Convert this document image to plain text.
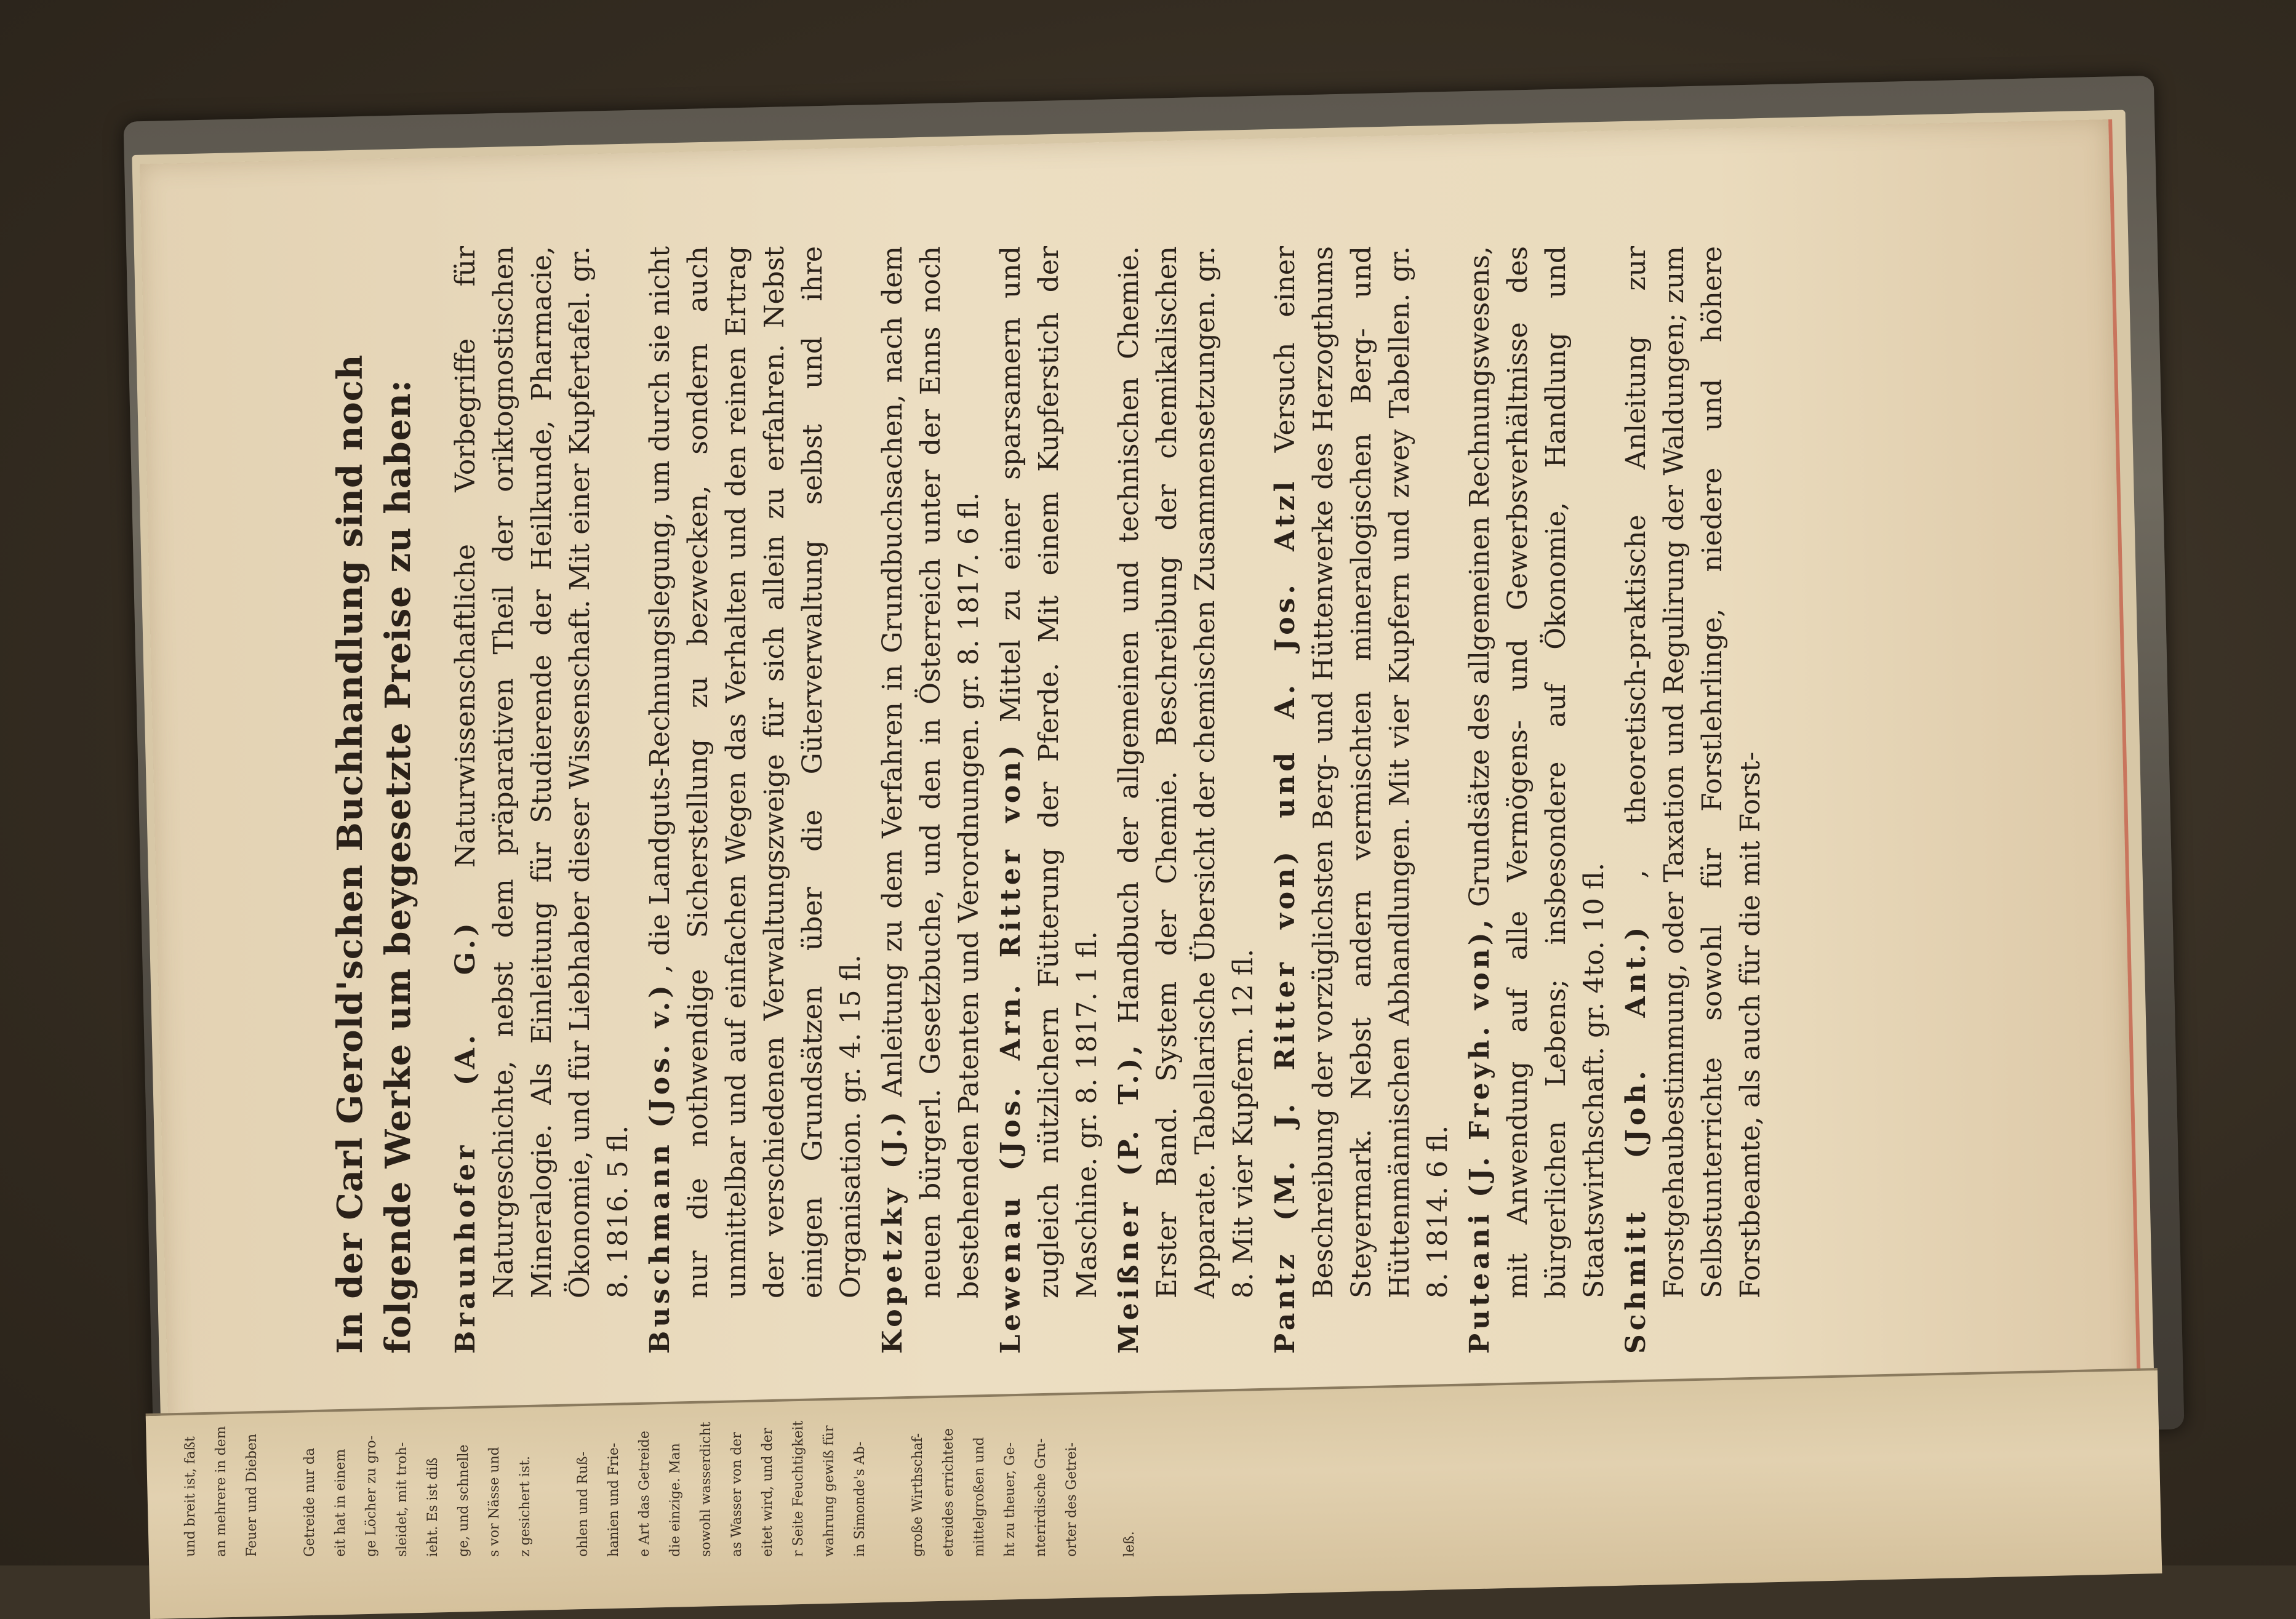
In der Carl Gerold'schen Buchhandlung sind noch folgende Werke um beygesetzte Preise zu haben: Braunhofer (A. G.) Naturwissenschaftliche Vorbegriffe für Naturgeschichte, nebst dem präparativen Theil der oriktognostischen Mineralogie. Als Einleitung für Studierende der Heilkunde, Pharmacie, Ökonomie, und für Liebhaber dieser Wissenschaft. Mit einer Kupfertafel. gr. 8. 1816. 5 fl. Buschmann (Jos. v.) , die Landguts-Rechnungslegung, um durch sie nicht nur die nothwendige Sicherstellung zu bezwecken, sondern auch unmittelbar und auf einfachen Wegen das Verhalten und den reinen Ertrag der verschiedenen Verwaltungszweige für sich allein zu erfahren. Nebst einigen Grundsätzen über die Güterverwaltung selbst und ihre Organisation. gr. 4. 15 fl. Kopetzky (J.) Anleitung zu dem Verfahren in Grundbuchsachen, nach dem neuen bürgerl. Gesetzbuche, und den in Österreich unter der Enns noch bestehenden Patenten und Verordnungen. gr. 8. 1817. 6 fl. Lewenau (Jos. Arn. Ritter von) Mittel zu einer sparsamern und zugleich nützlichern Fütterung der Pferde. Mit einem Kupferstich der Maschine. gr. 8. 1817. 1 fl. Meißner (P. T.), Handbuch der allgemeinen und technischen Chemie. Erster Band. System der Chemie. Beschreibung der chemikalischen Apparate. Tabellarische Übersicht der chemischen Zusammensetzungen. gr. 8. Mit vier Kupfern. 12 fl. Pantz (M. J. Ritter von) und A. Jos. Atzl Versuch einer Beschreibung der vorzüglichsten Berg- und Hüttenwerke des Herzogthums Steyermark. Nebst andern vermischten mineralogischen Berg- und Hüttenmännischen Abhandlungen. Mit vier Kupfern und zwey Tabellen. gr. 8. 1814. 6 fl. Puteani (J. Freyh. von), Grundsätze des allgemeinen Rechnungswesens, mit Anwendung auf alle Vermögens- und Gewerbsverhältnisse des bürgerlichen Lebens; insbesondere auf Ökonomie, Handlung und Staatswirthschaft. gr. 4to. 10 fl. Schmitt (Joh. Ant.) , theoretisch-praktische Anleitung zur Forstgehaubestimmung, oder Taxation und Regulirung der Waldungen; zum Selbstunterrichte sowohl für Forstlehrlinge, niedere und höhere Forstbeamte, als auch für die mit Forst-

und breit ist, faßt	an mehrere in dem	Feuer und Dieben	Getreide nur da	eit hat in einem	ge Löcher zu gro-	sleidet, mit troh-	ieht. Es ist diß	ge, und schnelle	s vor Nässe und	z gesichert ist.	ohlen und Ruß-	hanien und Frie-	e Art das Getreide	die einzige. Man	sowohl wasserdicht	as Wasser von der	eitet wird, und der	r Seite Feuchtigkeit	wahrung gewiß für	in Simonde's Ab-	große Wirthschaf-	etreides errichtete	mittelgroßen und	ht zu theuer, Ge-	nterirdische Gru-	orter des Getrei-	leß.
